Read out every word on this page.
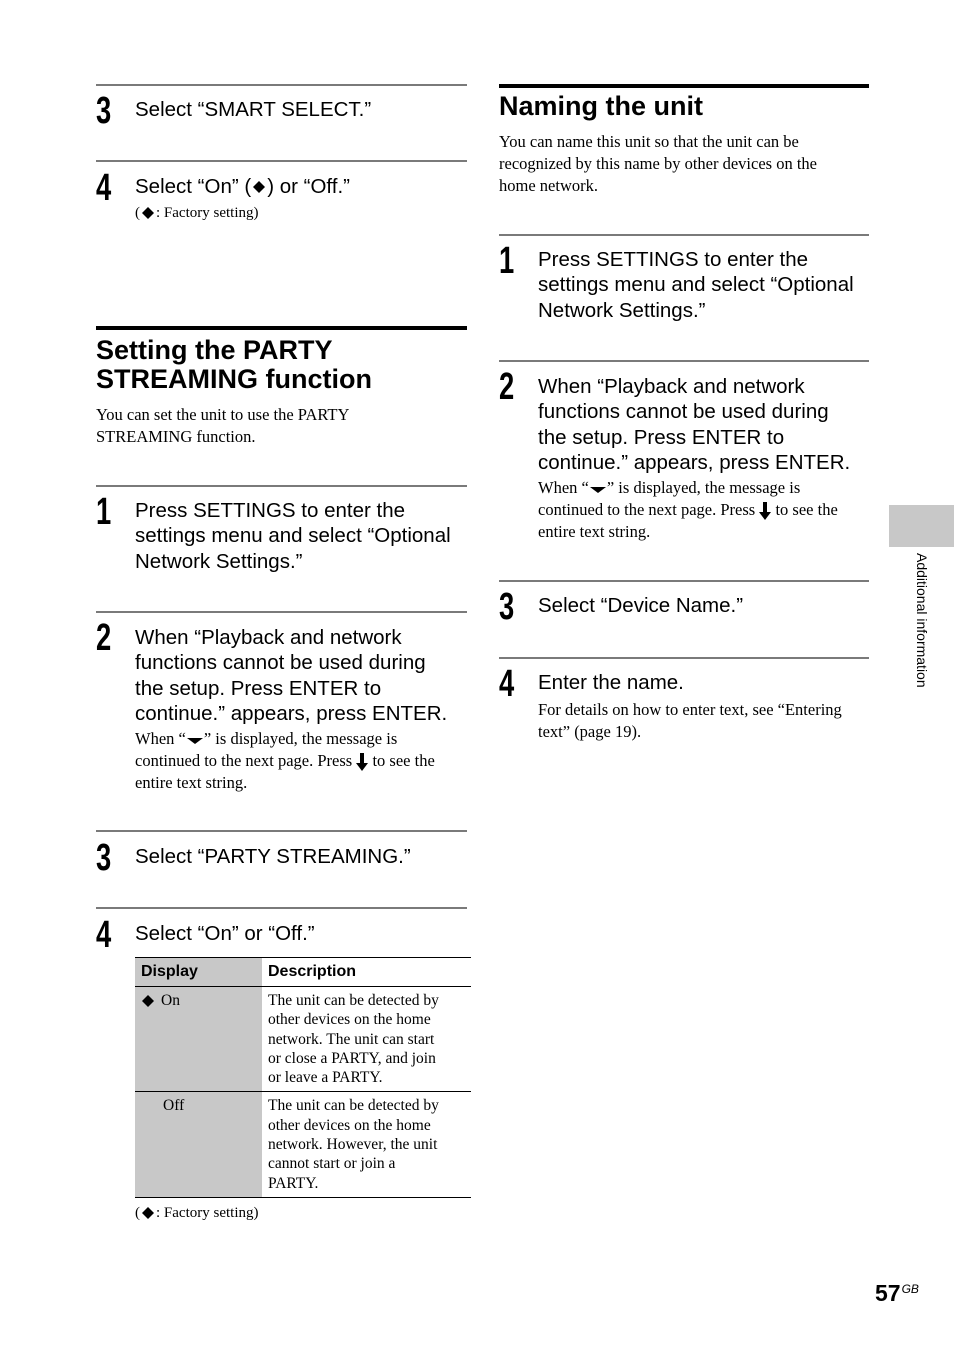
3 Select “SMART SELECT.”
4 Select “On” ( ) or “Off.”
( : Factory setting)
Setting the PARTY
STREAMING function
You can set the unit to use the PARTY
STREAMING function.
1 Press SETTINGS to enter the
settings menu and select “Optional
Network Settings.”
2 When “Playback and network
functions cannot be used during
the setup. Press ENTER to
continue.” appears, press ENTER.
When “ ” is displayed, the message is
continued to the next page. Press to see the
entire text string.
3 Select “PARTY STREAMING.”
4 Select “On” or “Off.”
Display	Description
On	The unit can be detected by
other devices on the home
network. The unit can start
or close a PARTY, and join
or leave a PARTY.

Off	The unit can be detected by
other devices on the home
network. However, the unit
cannot start or join a
PARTY.
( : Factory setting)
Naming the unit
You can name this unit so that the unit can be
recognized by this name by other devices on the
home network.
1 Press SETTINGS to enter the
settings menu and select “Optional
Network Settings.”
2 When “Playback and network
functions cannot be used during
the setup. Press ENTER to
continue.” appears, press ENTER.
When “ ” is displayed, the message is
continued to the next page. Press to see the
entire text string.
3 Select “Device Name.”
4 Enter the name.
For details on how to enter text, see “Entering
text” (page 19).
Additional information
$57^{GB}$
